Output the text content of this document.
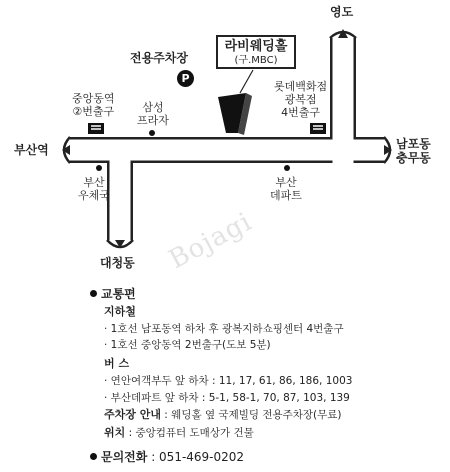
Bojagi
라비웨딩홀
(구.MBC)
전용주차장
P
영도
부산역	남포동
충무동
대청동
중앙동역
②번출구	삼성
프라자
롯데백화점
광복점
4번출구
부산
우체국
부산
데파트
교통편
지하철
· 1호선 남포동역 하차 후 광복지하쇼핑센터 4번출구
· 1호선 중앙동역 2번출구(도보 5분)
버 스
· 연안여객부두 앞 하차 : 11, 17, 61, 86, 186, 1003
· 부산데파트 앞 하차 : 5-1, 58-1, 70, 87, 103, 139
주차장 안내 : 웨딩홀 옆 국제빌딩 전용주차장(무료)
위치 : 중앙컴퓨터 도매상가 건물
문의전화 : 051-469-0202
